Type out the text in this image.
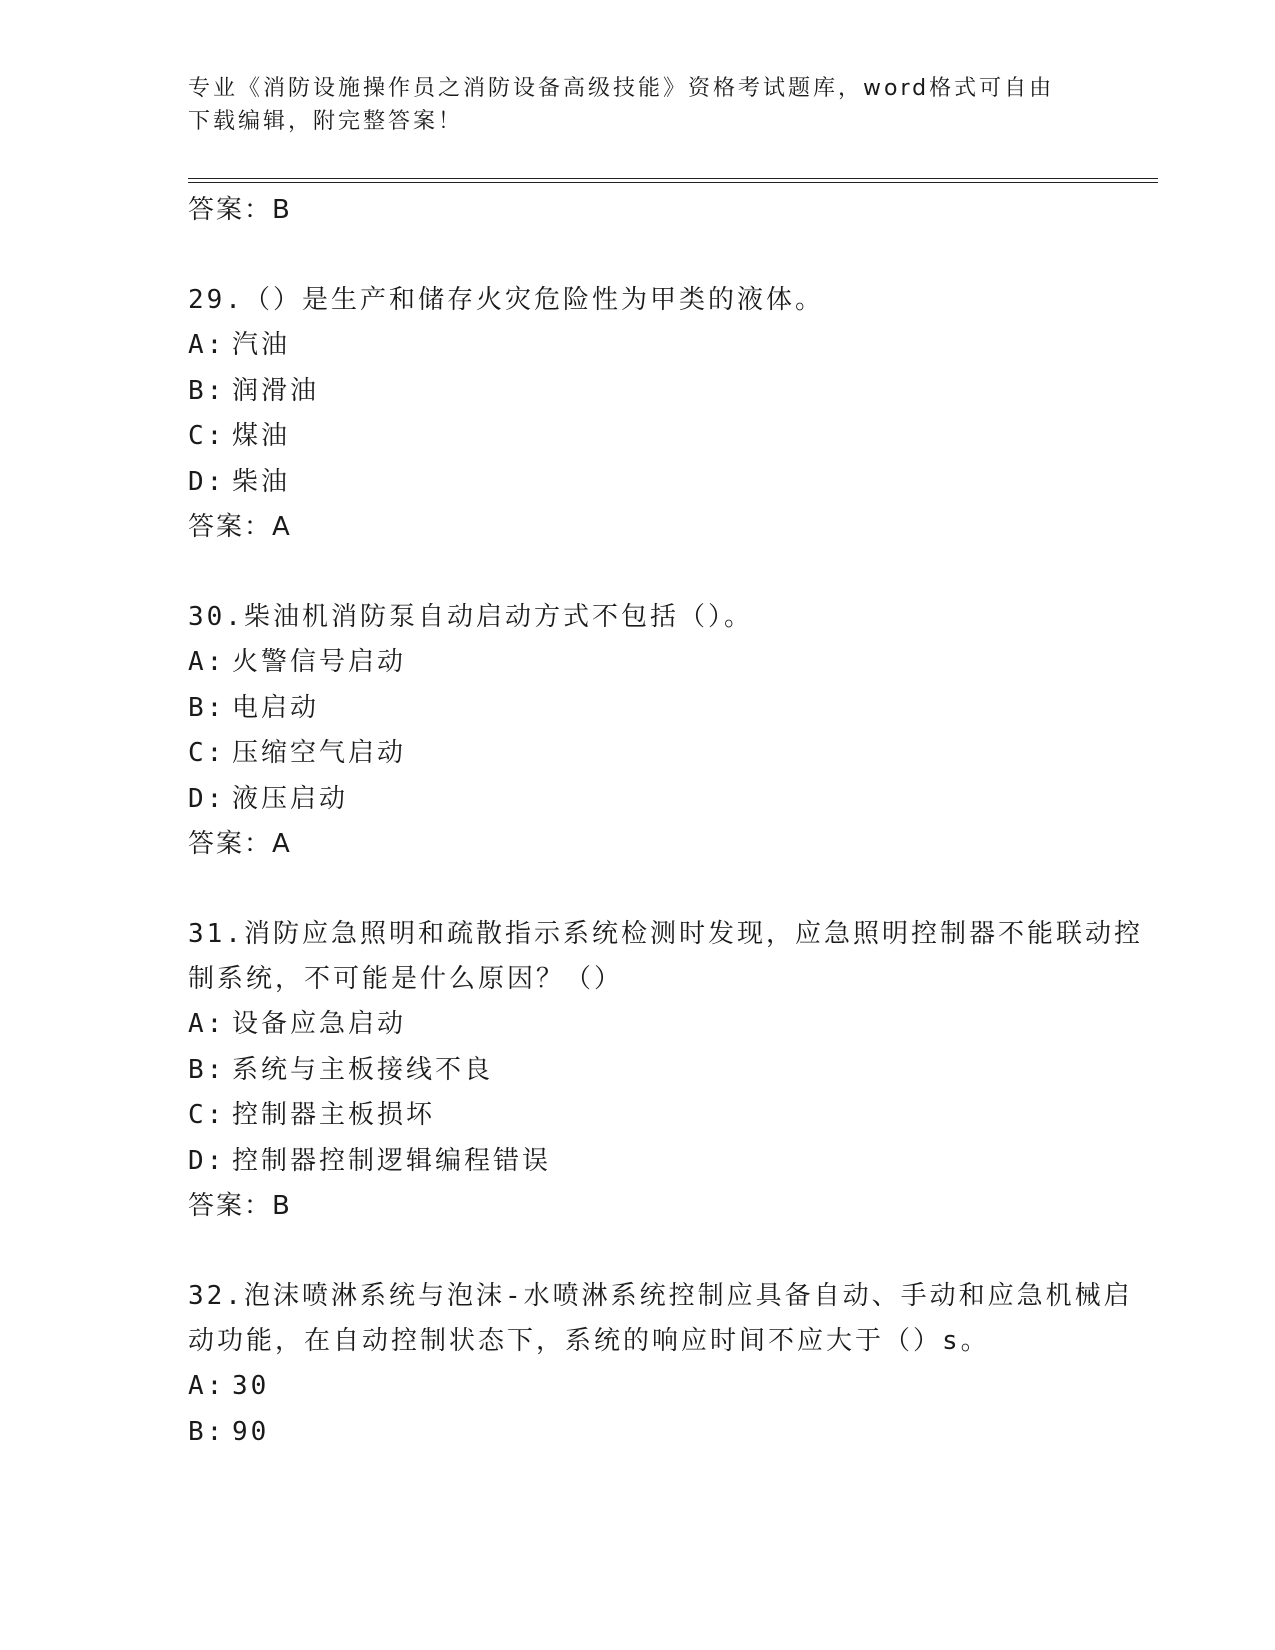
专业《消防设施操作员之消防设备高级技能》资格考试题库，word格式可自由下载编辑，附完整答案！

答案：B

29.（）是生产和储存火灾危险性为甲类的液体。

A: 汽油

B: 润滑油

C: 煤油

D: 柴油

答案：A

30.柴油机消防泵自动启动方式不包括（）。

A: 火警信号启动

B: 电启动

C: 压缩空气启动

D: 液压启动

答案：A

31.消防应急照明和疏散指示系统检测时发现，应急照明控制器不能联动控制系统，不可能是什么原因？（）

A: 设备应急启动

B: 系统与主板接线不良

C: 控制器主板损坏

D: 控制器控制逻辑编程错误

答案：B

32.泡沫喷淋系统与泡沫-水喷淋系统控制应具备自动、手动和应急机械启动功能，在自动控制状态下，系统的响应时间不应大于（）s。

A: 30

B: 90
